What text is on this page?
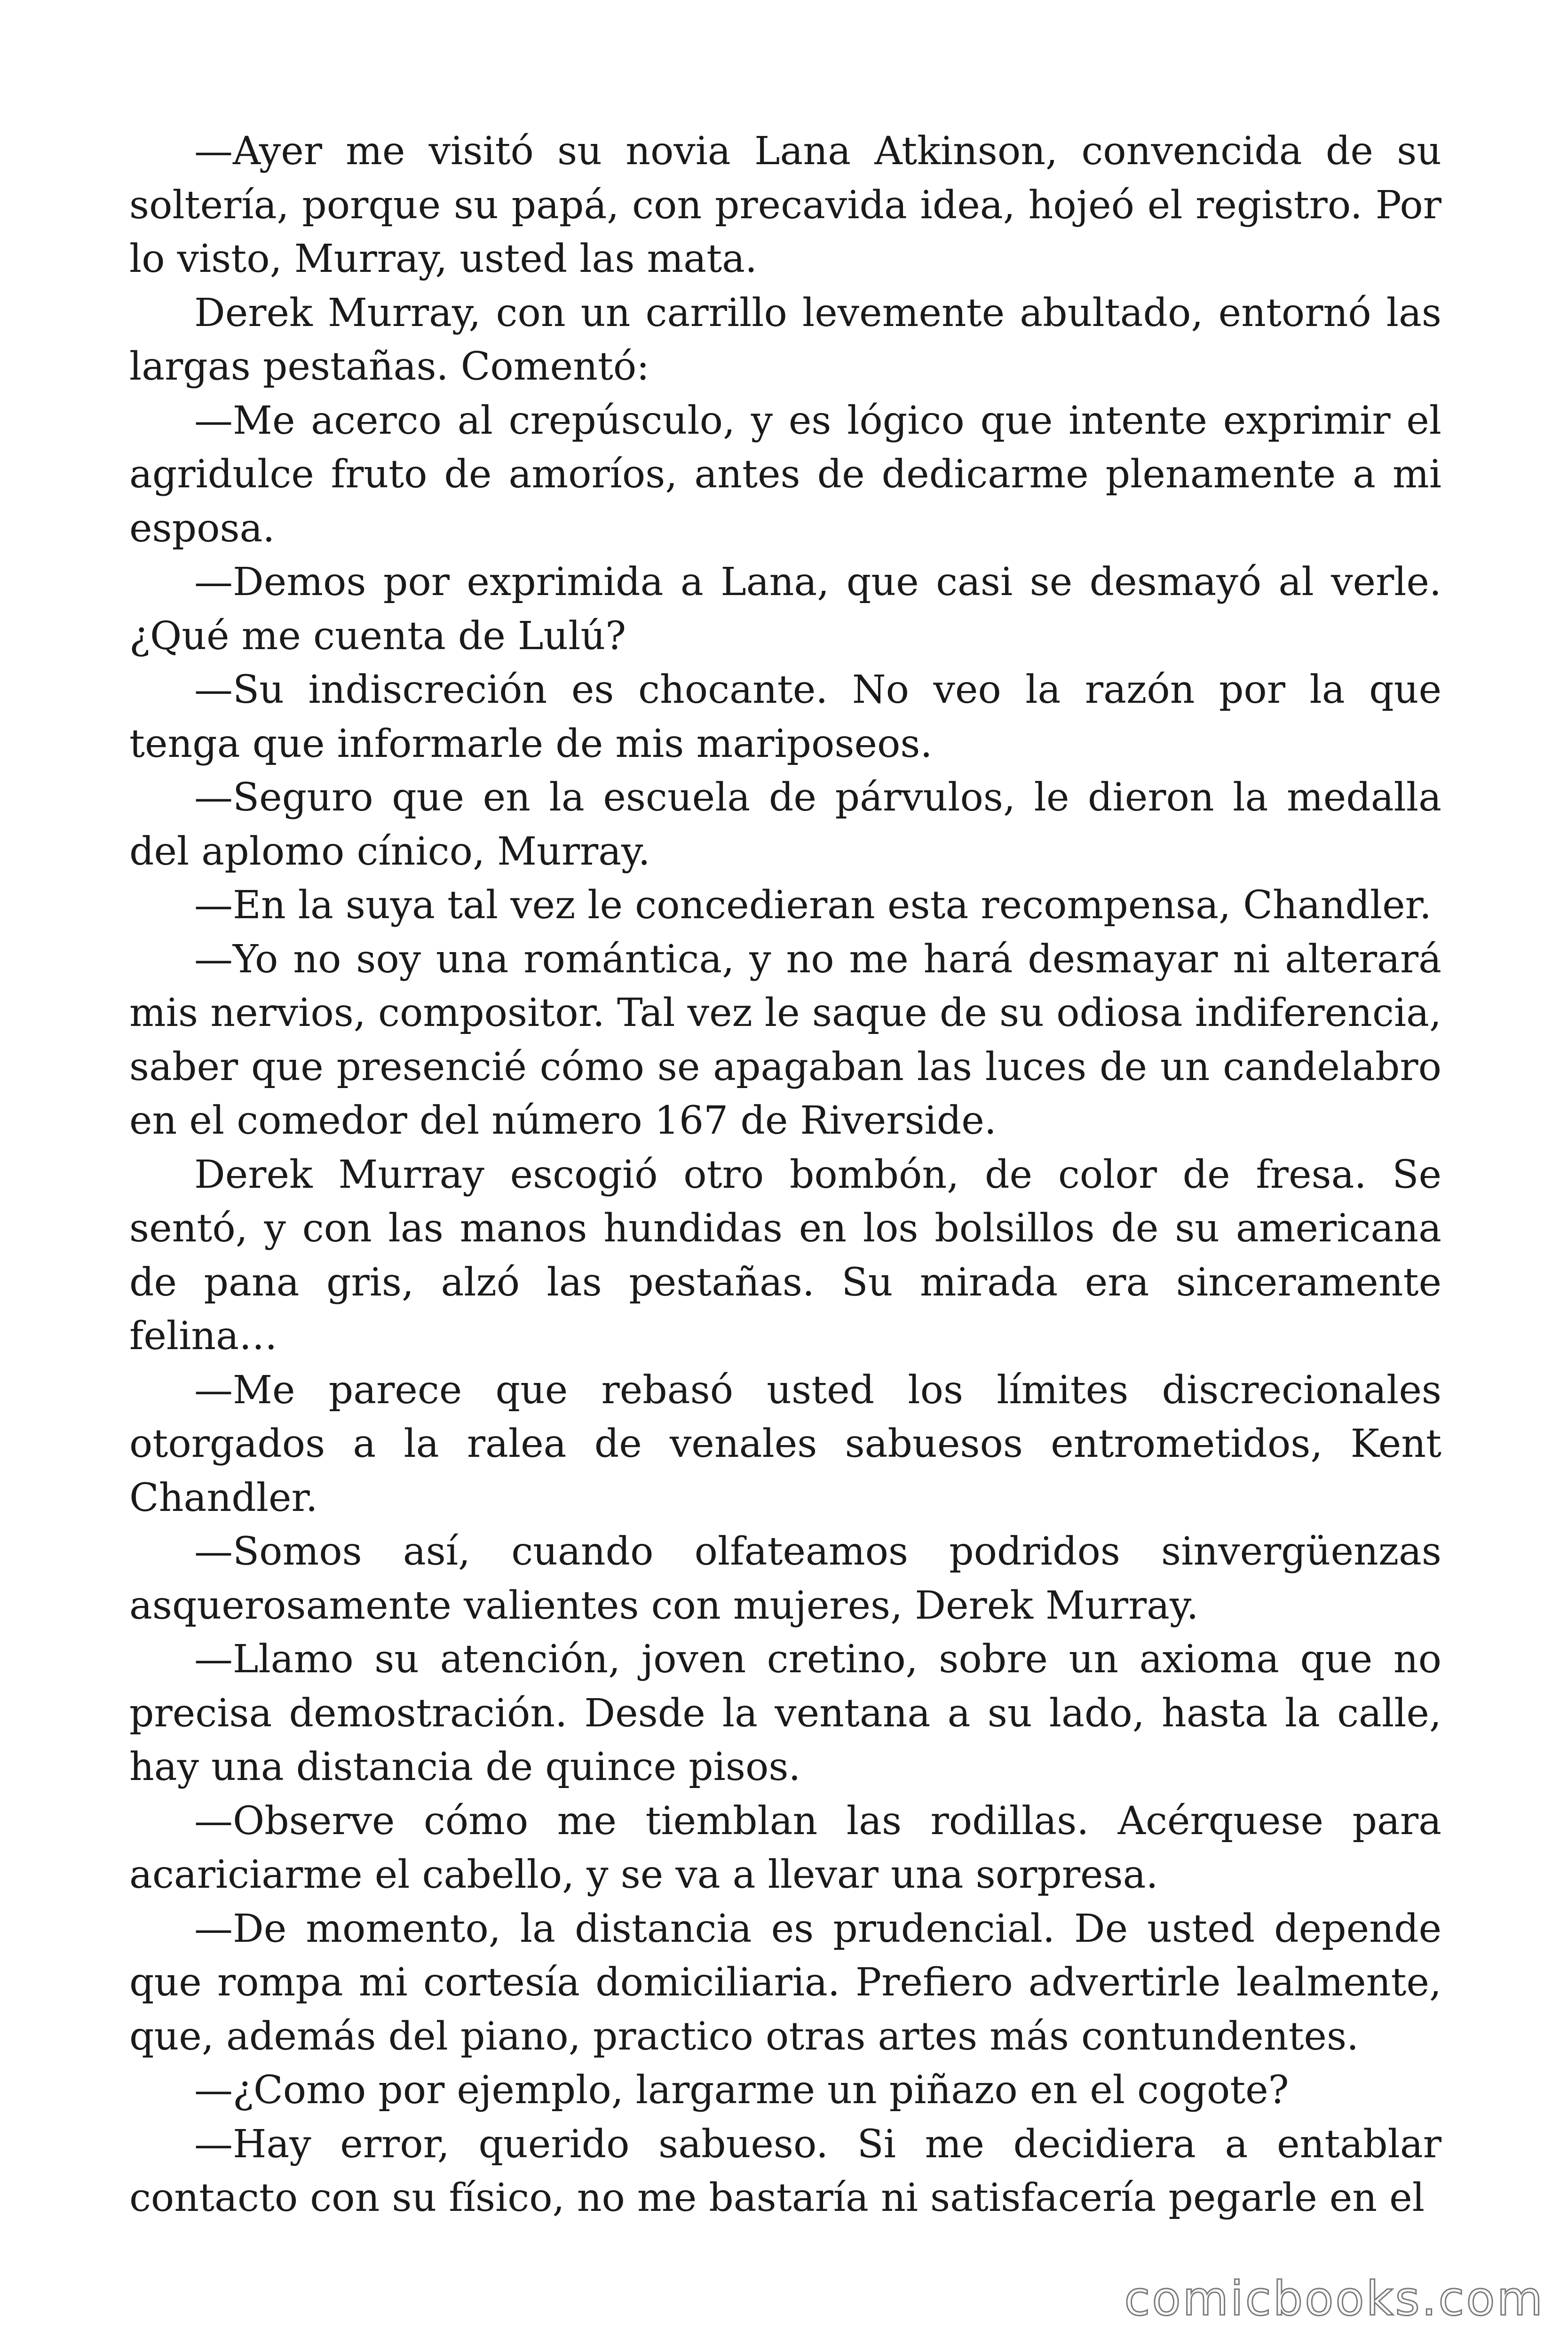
—Ayer me visitó su novia Lana Atkinson, convencida de su soltería, porque su papá, con precavida idea, hojeó el registro. Por lo visto, Murray, usted las mata.

Derek Murray, con un carrillo levemente abultado, entornó las largas pestañas. Comentó:

—Me acerco al crepúsculo, y es lógico que intente exprimir el agridulce fruto de amoríos, antes de dedicarme plenamente a mi esposa.

—Demos por exprimida a Lana, que casi se desmayó al verle. ¿Qué me cuenta de Lulú?

—Su indiscreción es chocante. No veo la razón por la que tenga que informarle de mis mariposeos.

—Seguro que en la escuela de párvulos, le dieron la medalla del aplomo cínico, Murray.

—En la suya tal vez le concedieran esta recompensa, Chandler.

—Yo no soy una romántica, y no me hará desmayar ni alterará mis nervios, compositor. Tal vez le saque de su odiosa indiferencia, saber que presencié cómo se apagaban las luces de un candelabro en el comedor del número 167 de Riverside.

Derek Murray escogió otro bombón, de color de fresa. Se sentó, y con las manos hundidas en los bolsillos de su americana de pana gris, alzó las pestañas. Su mirada era sinceramente felina…

—Me parece que rebasó usted los límites discrecionales otorgados a la ralea de venales sabuesos entrometidos, Kent Chandler.

—Somos así, cuando olfateamos podridos sinvergüenzas asquerosamente valientes con mujeres, Derek Murray.

—Llamo su atención, joven cretino, sobre un axioma que no precisa demostración. Desde la ventana a su lado, hasta la calle, hay una distancia de quince pisos.

—Observe cómo me tiemblan las rodillas. Acérquese para acariciarme el cabello, y se va a llevar una sorpresa.

—De momento, la distancia es prudencial. De usted depende que rompa mi cortesía domiciliaria. Prefiero advertirle lealmente, que, además del piano, practico otras artes más contundentes.

—¿Como por ejemplo, largarme un piñazo en el cogote?

—Hay error, querido sabueso. Si me decidiera a entablar contacto con su físico, no me bastaría ni satisfacería pegarle en el

comicbooks.com
